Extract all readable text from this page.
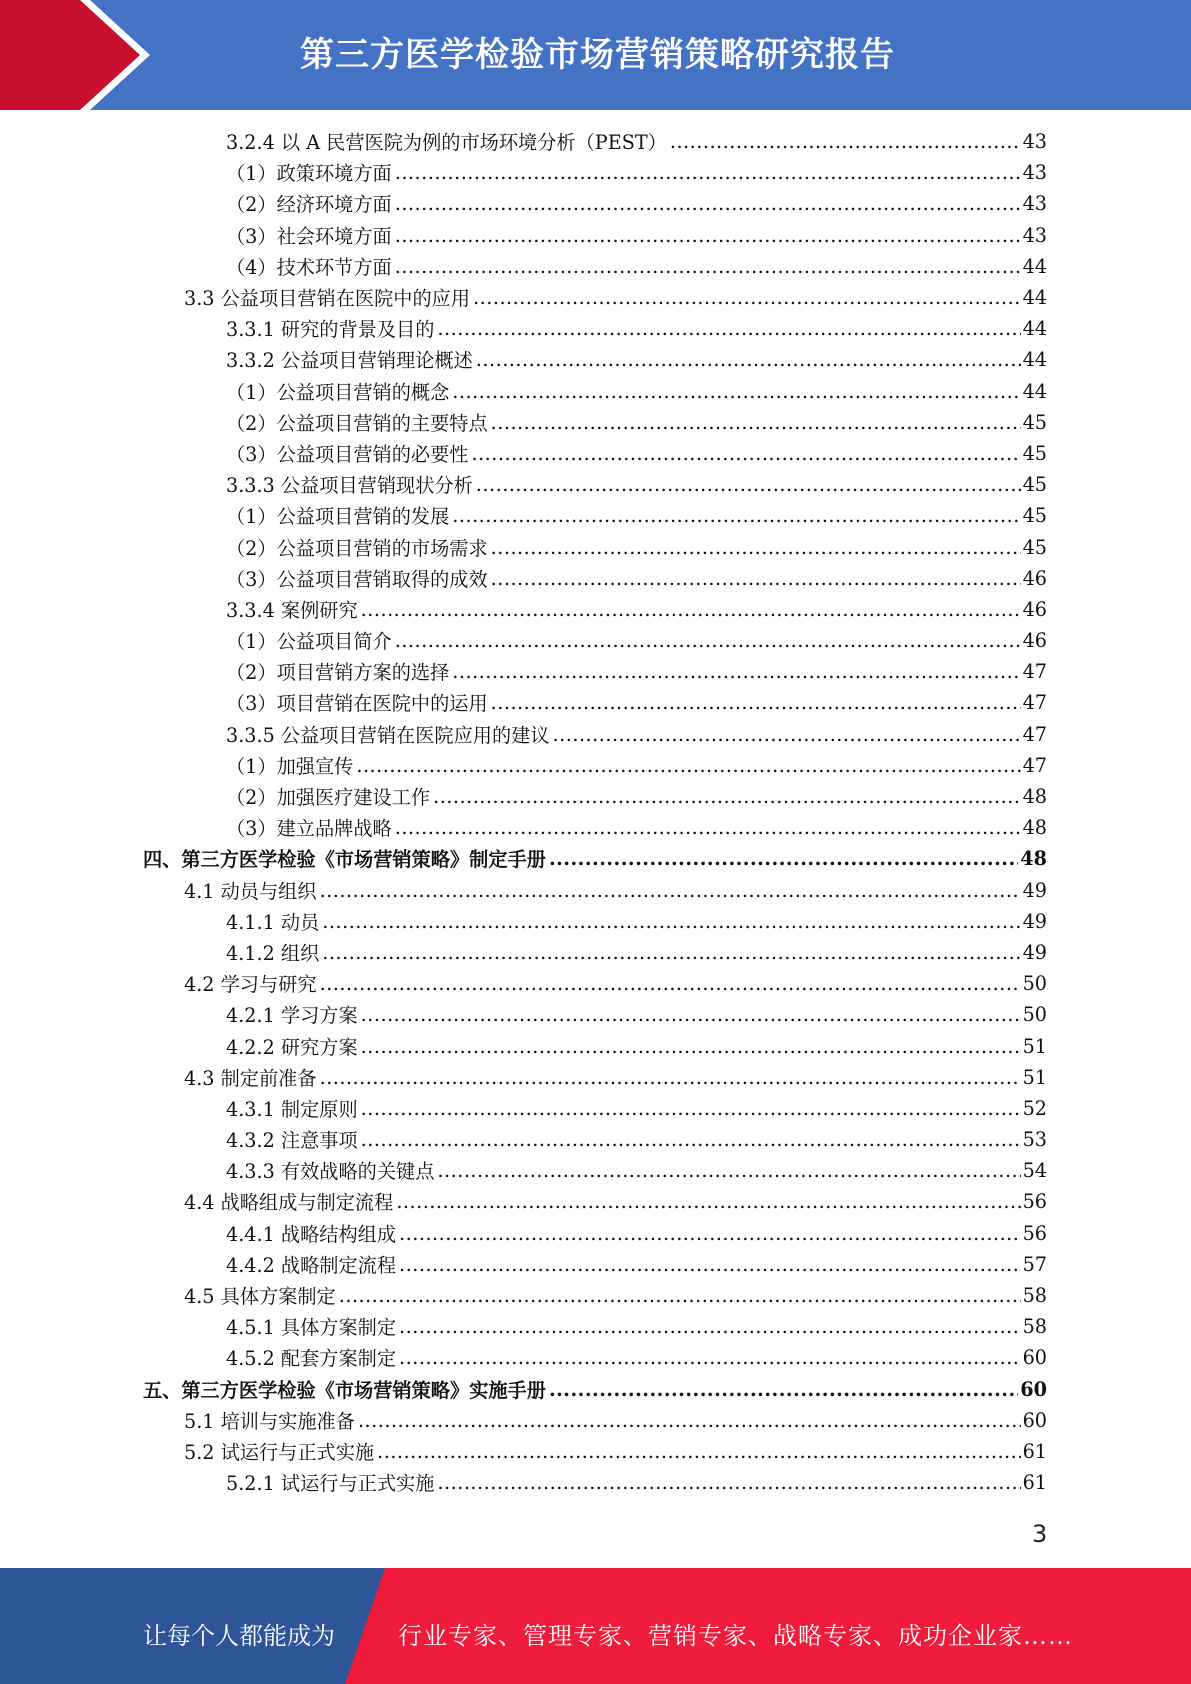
第三方医学检验市场营销策略研究报告
3.2.4 以 A 民营医院为例的市场环境分析（PEST） .....	43
（1）政策环境方面 .....	43
（2）经济环境方面 .....	43
（3）社会环境方面 .....	43
（4）技术环节方面 .....	44
3.3 公益项目营销在医院中的应用 .....	44
3.3.1 研究的背景及目的 .....	44
3.3.2 公益项目营销理论概述 .....	44
（1）公益项目营销的概念 .....	44
（2）公益项目营销的主要特点 .....	45
（3）公益项目营销的必要性 .....	45
3.3.3 公益项目营销现状分析 .....	45
（1）公益项目营销的发展 .....	45
（2）公益项目营销的市场需求 .....	45
（3）公益项目营销取得的成效 .....	46
3.3.4 案例研究 .....	46
（1）公益项目简介 .....	46
（2）项目营销方案的选择 .....	47
（3）项目营销在医院中的运用 .....	47
3.3.5 公益项目营销在医院应用的建议 .....	47
（1）加强宣传 .....	47
（2）加强医疗建设工作 .....	48
（3）建立品牌战略 .....	48
四、第三方医学检验《市场营销策略》制定手册 .....	48
4.1 动员与组织 .....	49
4.1.1 动员 .....	49
4.1.2 组织 .....	49
4.2 学习与研究 .....	50
4.2.1 学习方案 .....	50
4.2.2 研究方案 .....	51
4.3 制定前准备 .....	51
4.3.1 制定原则 .....	52
4.3.2 注意事项 .....	53
4.3.3 有效战略的关键点 .....	54
4.4 战略组成与制定流程 .....	56
4.4.1 战略结构组成 .....	56
4.4.2 战略制定流程 .....	57
4.5 具体方案制定 .....	58
4.5.1 具体方案制定 .....	58
4.5.2 配套方案制定 .....	60
五、第三方医学检验《市场营销策略》实施手册 .....	60
5.1 培训与实施准备 .....	60
5.2 试运行与正式实施 .....	61
5.2.1 试运行与正式实施 .....	61
3
让每个人都能成为	行业专家、管理专家、营销专家、战略专家、成功企业家……
